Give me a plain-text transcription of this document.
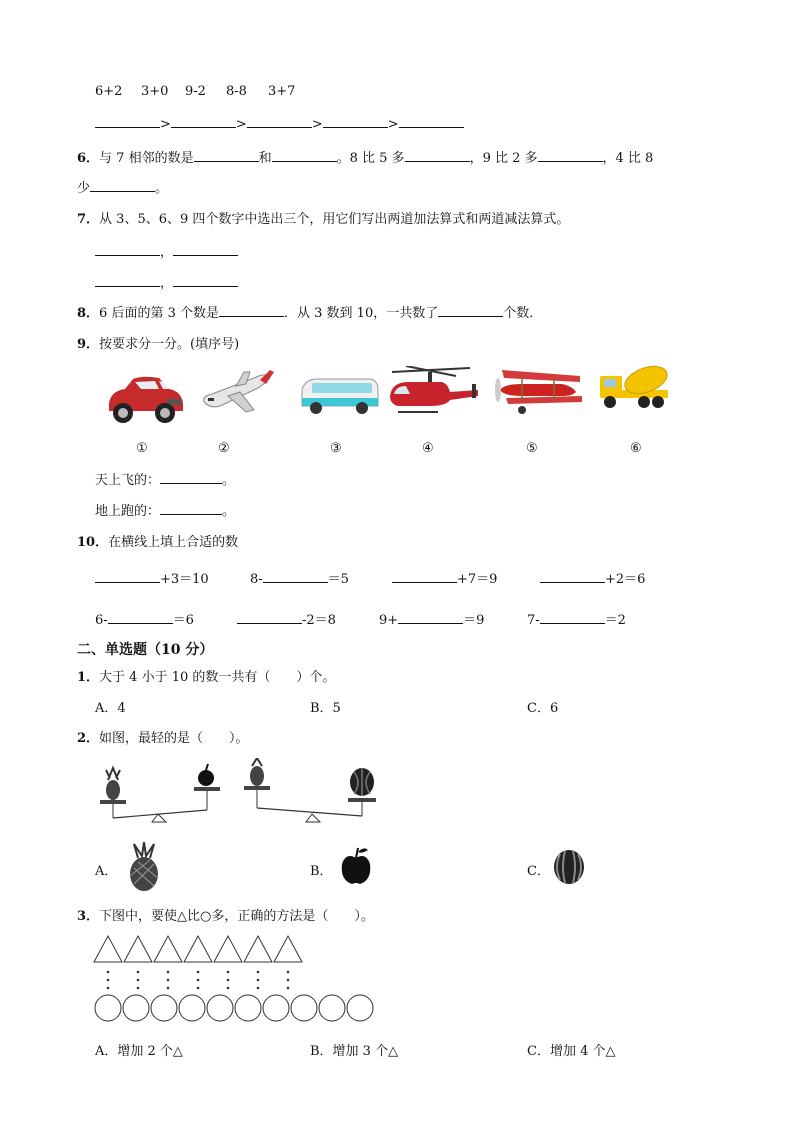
6+2 3+0 9-2 8-8 3+7
>	>	>	>
6．与 7 相邻的数是	和	。8 比 5 多	，9 比 2 多	，4 比 8
少	。
7．从 3、5、6、9 四个数字中选出三个，用它们写出两道加法算式和两道减法算式。
，
，
8．6 后面的第 3 个数是	．从 3 数到 10，一共数了	个数．
9．按要求分一分。(填序号)
①	②	③	④	⑤	⑥
天上飞的：	。
地上跑的：	。
10．在横线上填上合适的数
+3＝10	8-	＝5	+7＝9	+2＝6
6-	＝6	-2＝8	9+	＝9	7-	＝2
二、单选题（10 分）
1．大于 4 小于 10 的数一共有（　　）个。
A．4	B．5	C．6
2．如图，最轻的是（　　）。
A．	B．	C．
3．下图中，要使△比○多，正确的方法是（　　）。
A．增加 2 个△	B．增加 3 个△	C．增加 4 个△
